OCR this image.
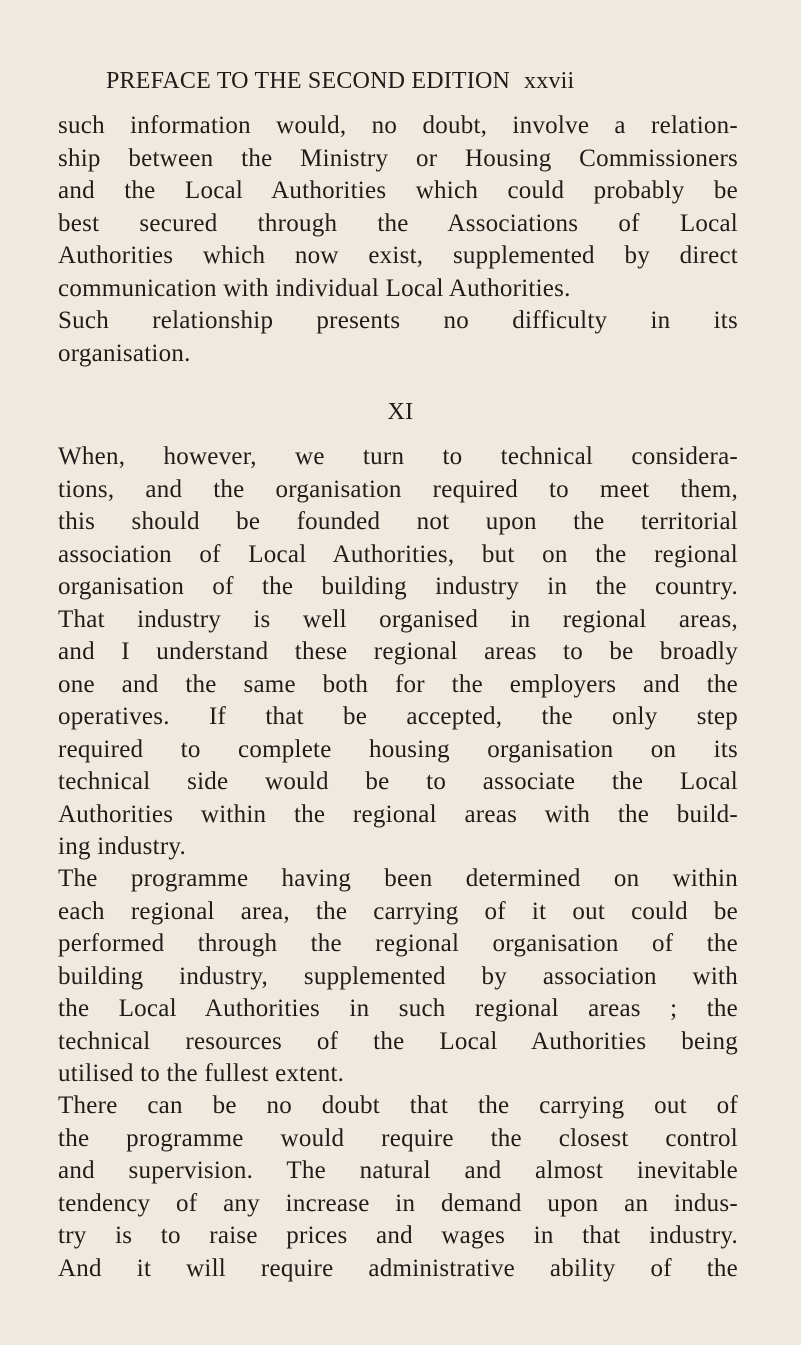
PREFACE TO THE SECOND EDITION xxvii
such information would, no doubt, involve a relation-
ship between the Ministry or Housing Commissioners
and the Local Authorities which could probably be
best secured through the Associations of Local
Authorities which now exist, supplemented by direct
communication with individual Local Authorities.
Such relationship presents no difficulty in its
organisation.
XI
When, however, we turn to technical considera-
tions, and the organisation required to meet them,
this should be founded not upon the territorial
association of Local Authorities, but on the regional
organisation of the building industry in the country.
That industry is well organised in regional areas,
and I understand these regional areas to be broadly
one and the same both for the employers and the
operatives. If that be accepted, the only step
required to complete housing organisation on its
technical side would be to associate the Local
Authorities within the regional areas with the build-
ing industry.
The programme having been determined on within
each regional area, the carrying of it out could be
performed through the regional organisation of the
building industry, supplemented by association with
the Local Authorities in such regional areas ; the
technical resources of the Local Authorities being
utilised to the fullest extent.
There can be no doubt that the carrying out of
the programme would require the closest control
and supervision. The natural and almost inevitable
tendency of any increase in demand upon an indus-
try is to raise prices and wages in that industry.
And it will require administrative ability of the
